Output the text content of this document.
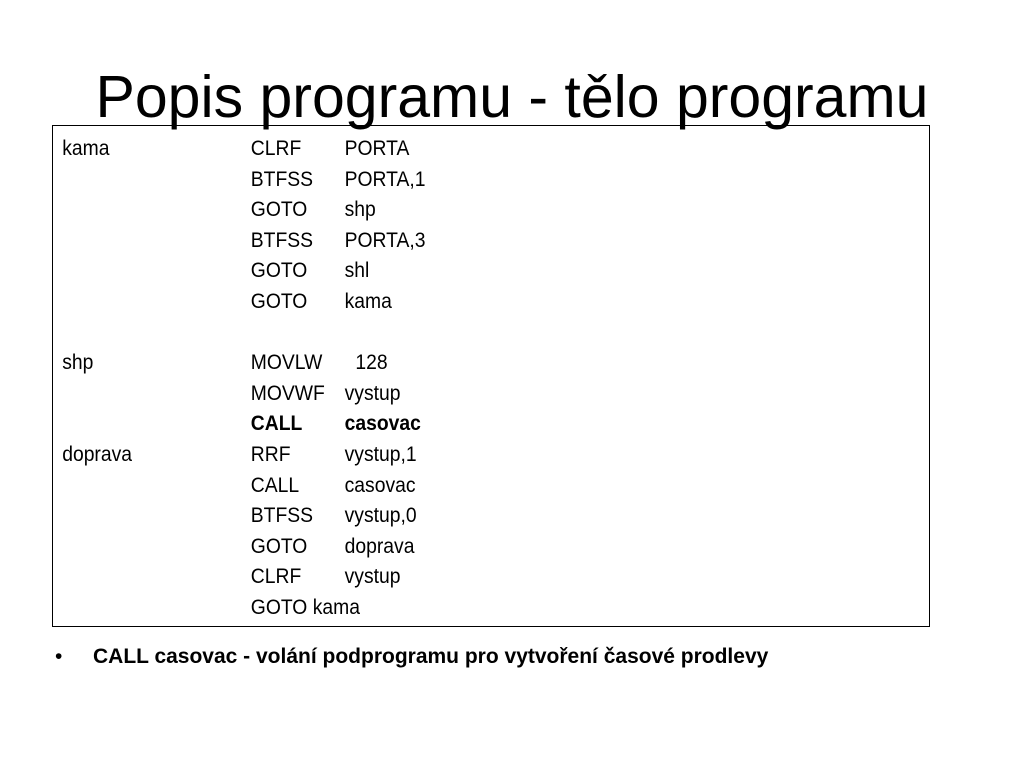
Popis programu - tělo programu
kama	CLRF PORTA
BTFSS PORTA,1
GOTO shp
BTFSS PORTA,3
GOTO shl
GOTO kama
shp	MOVLW 128
MOVWF vystup
CALL casovac
doprava	RRF	vystup,1
CALL casovac
BTFSS vystup,0
GOTO doprava
CLRF vystup
GOTO kama
• CALL casovac - volání podprogramu pro vytvoření časové prodlevy
